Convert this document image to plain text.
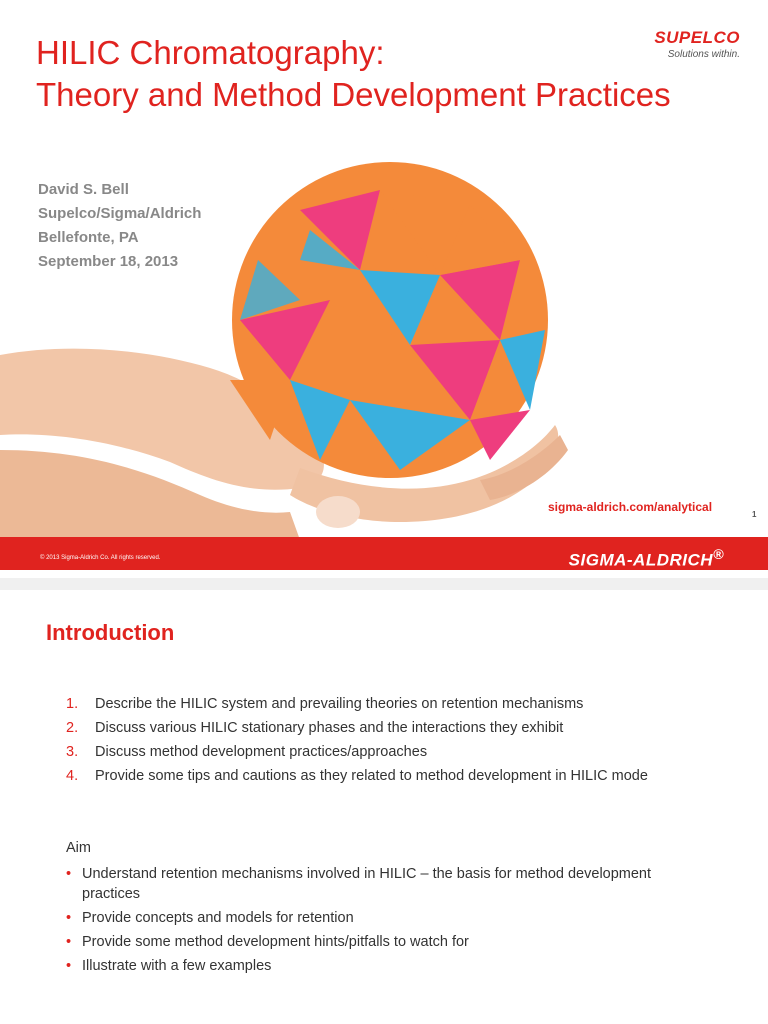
HILIC Chromatography:
Theory and Method Development Practices
SUPELCO
Solutions within.
David S. Bell
Supelco/Sigma/Aldrich
Bellefonte, PA
September 18, 2013
sigma-aldrich.com/analytical
1
© 2013 Sigma-Aldrich Co. All rights reserved.	SIGMA-ALDRICH®
Introduction
1. Describe the HILIC system and prevailing theories on retention mechanisms
2. Discuss various HILIC stationary phases and the interactions they exhibit
3. Discuss method development practices/approaches
4. Provide some tips and cautions as they related to method development in HILIC mode
Aim
• Understand retention mechanisms involved in HILIC – the basis for method development practices
• Provide concepts and models for retention
• Provide some method development hints/pitfalls to watch for
• Illustrate with a few examples
